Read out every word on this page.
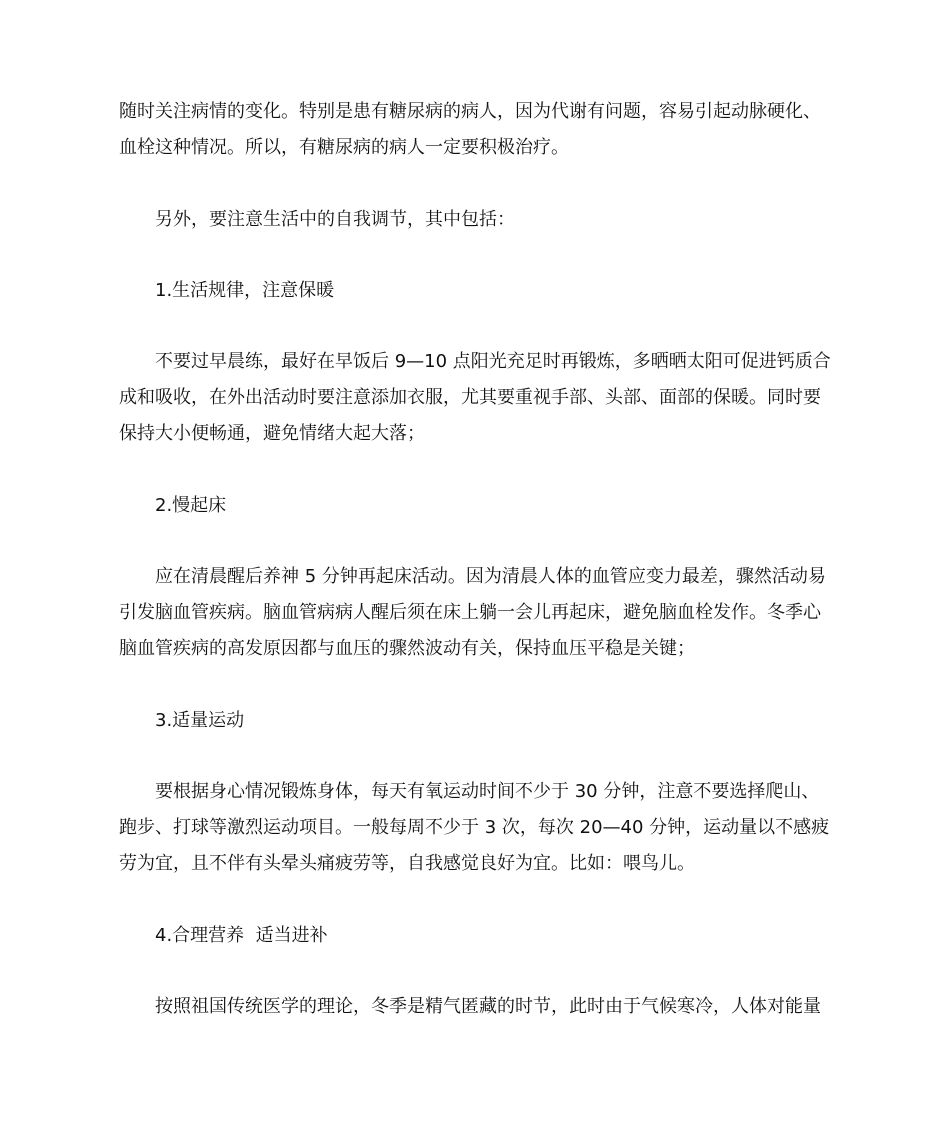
随时关注病情的变化。特别是患有糖尿病的病人，因为代谢有问题，容易引起动脉硬化、
血栓这种情况。所以，有糖尿病的病人一定要积极治疗。

另外，要注意生活中的自我调节，其中包括：

1.生活规律，注意保暖

不要过早晨练，最好在早饭后 9—10 点阳光充足时再锻炼，多晒晒太阳可促进钙质合
成和吸收，在外出活动时要注意添加衣服，尤其要重视手部、头部、面部的保暖。同时要
保持大小便畅通，避免情绪大起大落；

2.慢起床

应在清晨醒后养神 5 分钟再起床活动。因为清晨人体的血管应变力最差，骤然活动易
引发脑血管疾病。脑血管病病人醒后须在床上躺一会儿再起床，避免脑血栓发作。冬季心
脑血管疾病的高发原因都与血压的骤然波动有关，保持血压平稳是关键；

3.适量运动

要根据身心情况锻炼身体，每天有氧运动时间不少于 30 分钟，注意不要选择爬山、
跑步、打球等激烈运动项目。一般每周不少于 3 次，每次 20—40 分钟，运动量以不感疲
劳为宜，且不伴有头晕头痛疲劳等，自我感觉良好为宜。比如：喂鸟儿。

4.合理营养  适当进补

按照祖国传统医学的理论，冬季是精气匿藏的时节，此时由于气候寒冷，人体对能量
